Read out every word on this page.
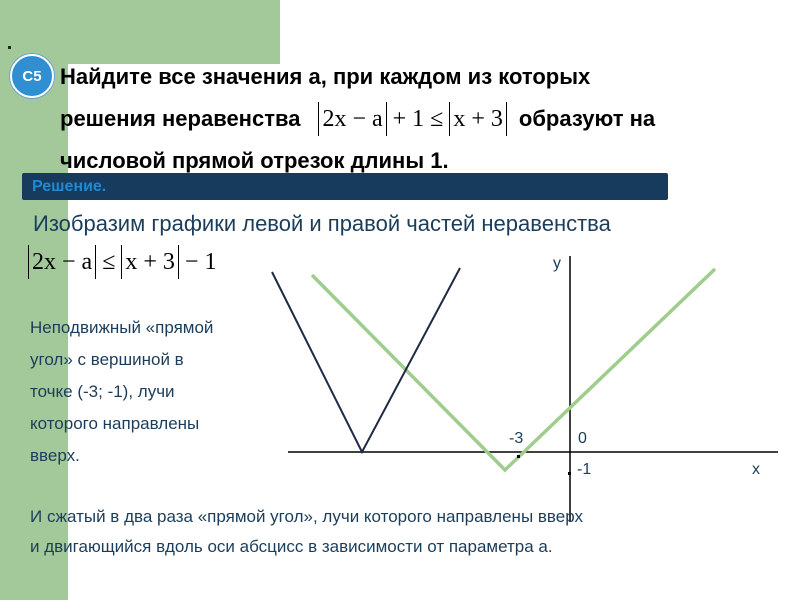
С5 Найдите все значения а, при каждом из которых
решения неравенства 2x − a + 1 ≤ x + 3 образуют на
числовой прямой отрезок длины 1.
Решение.
Изобразим графики левой и правой частей неравенства
2x − a ≤ x + 3 − 1
Неподвижный «прямой
угол» с вершиной в
точке (-3; -1), лучи
которого направлены
вверх.
y
x
-3	0
-1
И сжатый в два раза «прямой угол», лучи которого направлены вверх
и двигающийся вдоль оси абсцисс в зависимости от параметра а.
